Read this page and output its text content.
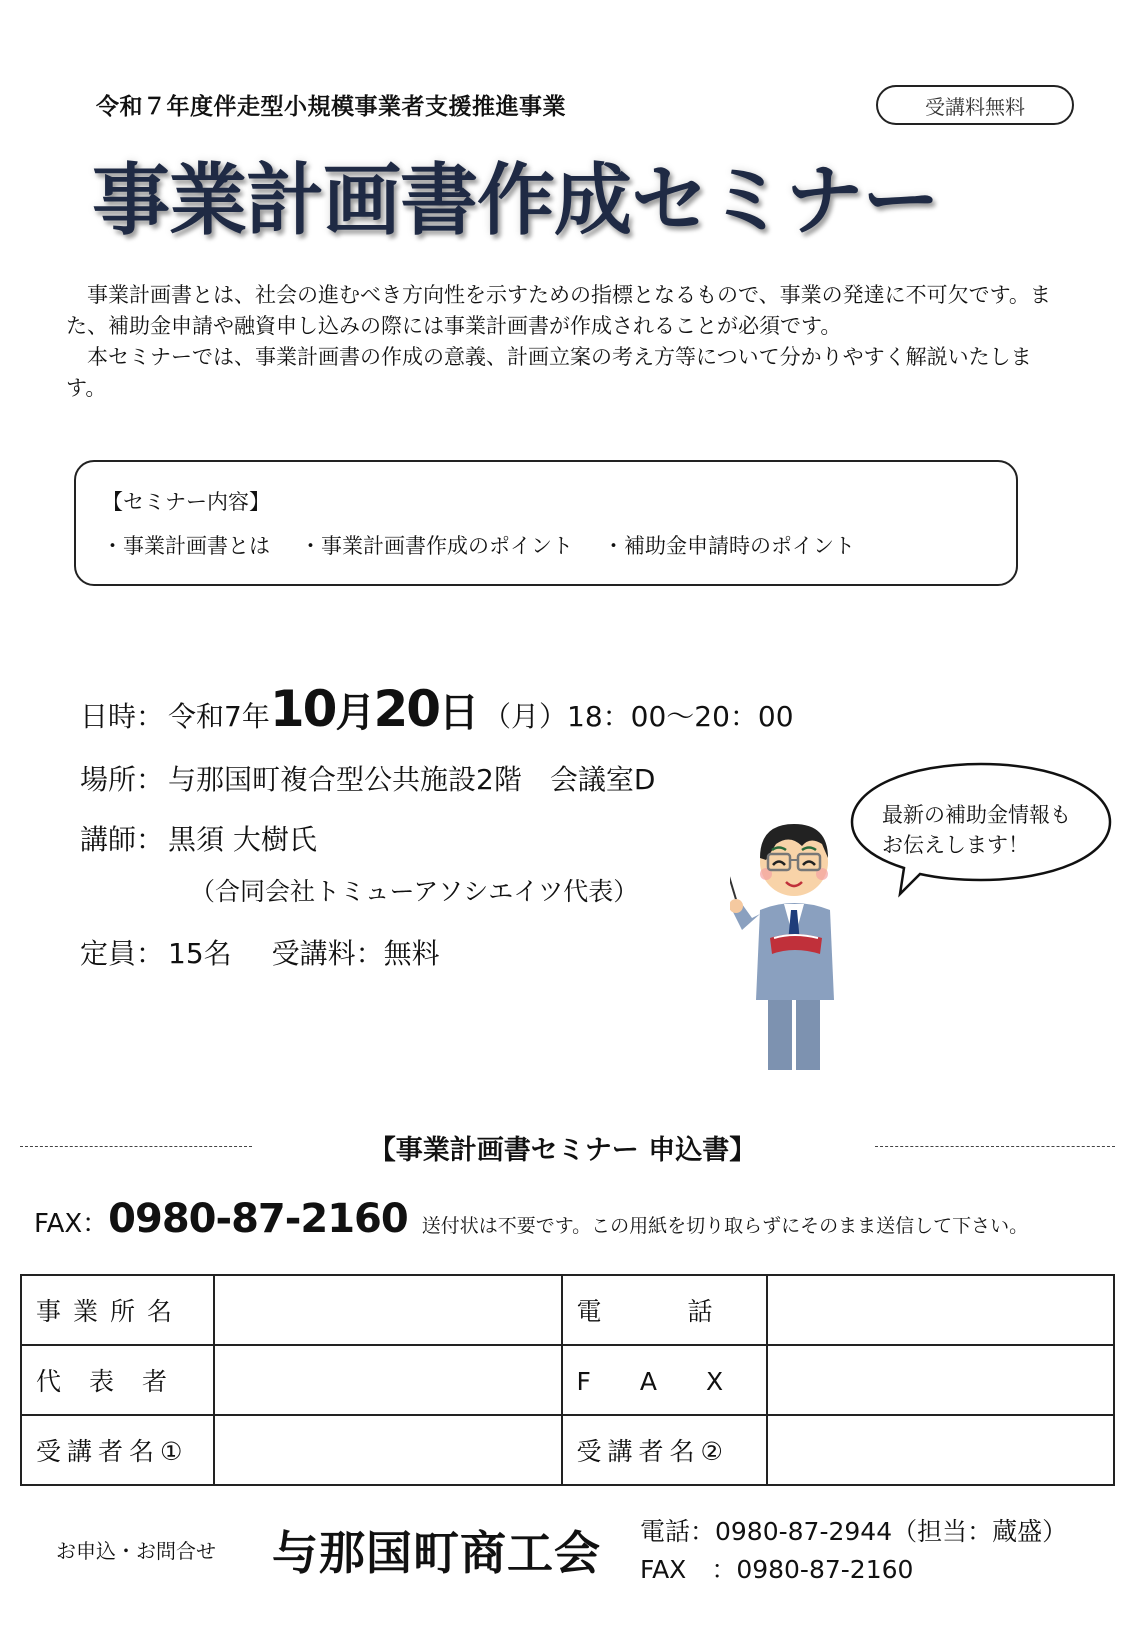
令和７年度伴走型小規模事業者支援推進事業	受講料無料
事業計画書作成セミナー

事業計画書とは、社会の進むべき方向性を示すための指標となるもので、事業の発達に不可欠です。また、補助金申請や融資申し込みの際には事業計画書が作成されることが必須です。

本セミナーでは、事業計画書の作成の意義、計画立案の考え方等について分かりやすく解説いたします。

【セミナー内容】
・事業計画書とは ・事業計画書作成のポイント ・補助金申請時のポイント
日時： 令和7年 10 月 20 日 （月） 18：00～20：00
場所： 与那国町複合型公共施設2階　会議室D
講師： 黒須 大樹氏
（合同会社トミューアソシエイツ代表）
定員： 15名 受講料： 無料
最新の補助金情報も
お伝えします！
【事業計画書セミナー 申込書】
FAX： 0980-87-2160 送付状は不要です。この用紙を切り取らずにそのまま送信して下さい。
事業所名		電　　話	
代表者		F　A　X	
受講者名①		受講者名②	
お申込・お問合せ 与那国町商工会 電話：0980-87-2944（担当：蔵盛）
FAX　：0980-87-2160
